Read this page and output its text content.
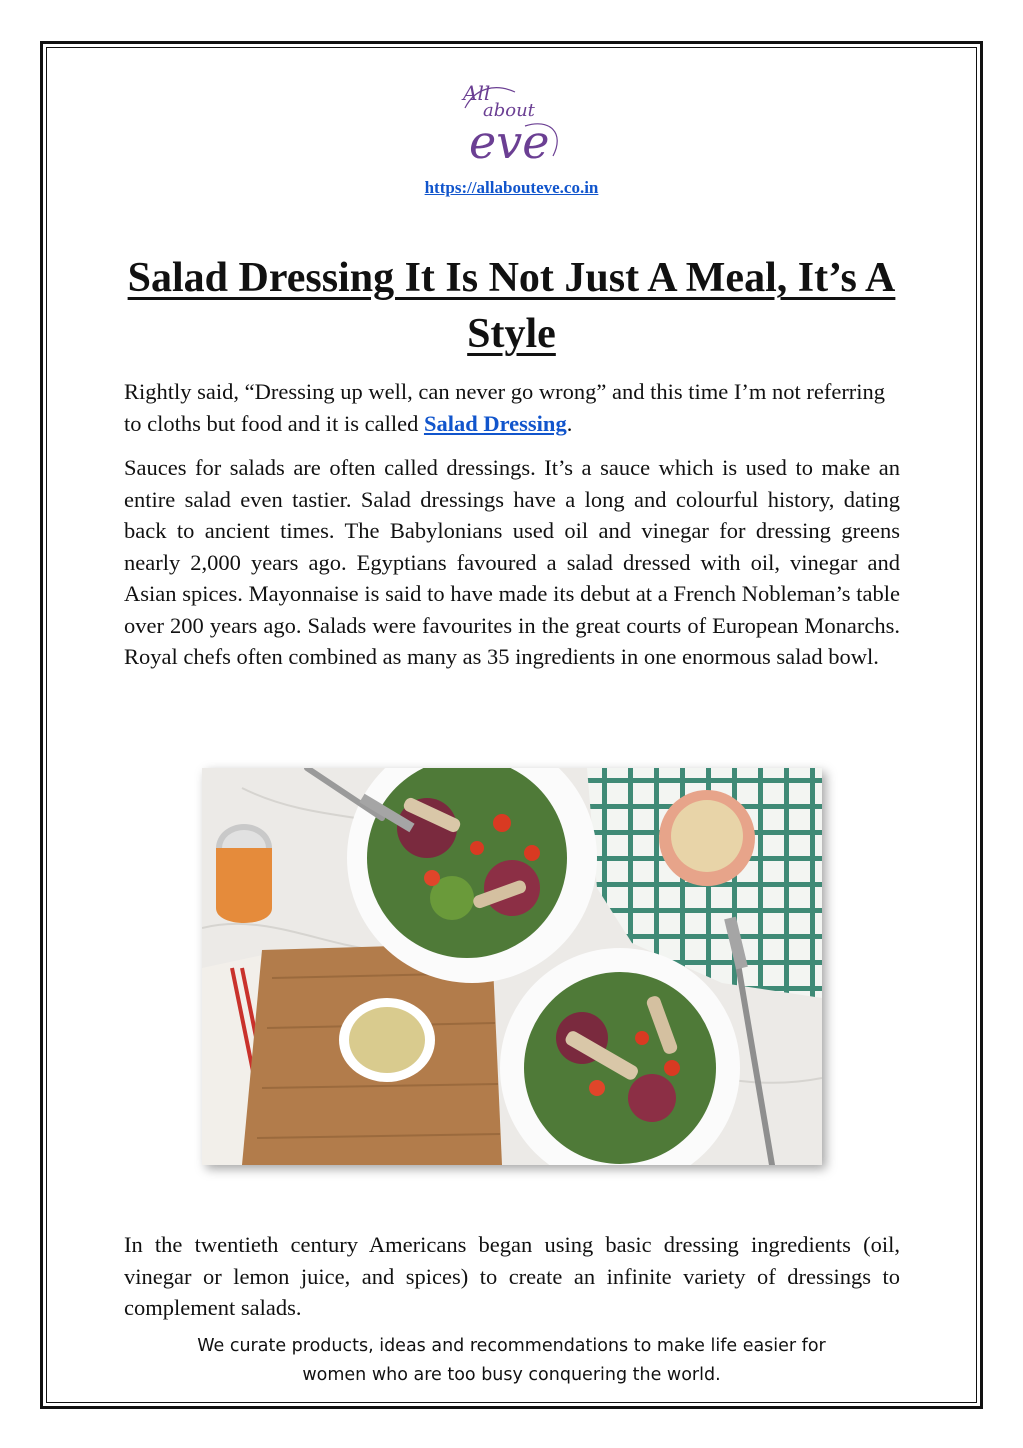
All
about
eve
https://allabouteve.co.in
Salad Dressing It Is Not Just A Meal, It’s A Style

Rightly said, “Dressing up well, can never go wrong” and this time I’m not referring to cloths but food and it is called Salad Dressing.

Sauces for salads are often called dressings. It’s a sauce which is used to make an entire salad even tastier. Salad dressings have a long and colourful history, dating back to ancient times. The Babylonians used oil and vinegar for dressing greens nearly 2,000 years ago. Egyptians favoured a salad dressed with oil, vinegar and Asian spices. Mayonnaise is said to have made its debut at a French Nobleman’s table over 200 years ago. Salads were favourites in the great courts of European Monarchs. Royal chefs often combined as many as 35 ingredients in one enormous salad bowl.

In the twentieth century Americans began using basic dressing ingredients (oil, vinegar or lemon juice, and spices) to create an infinite variety of dressings to complement salads.

We curate products, ideas and recommendations to make life easier for
women who are too busy conquering the world.
